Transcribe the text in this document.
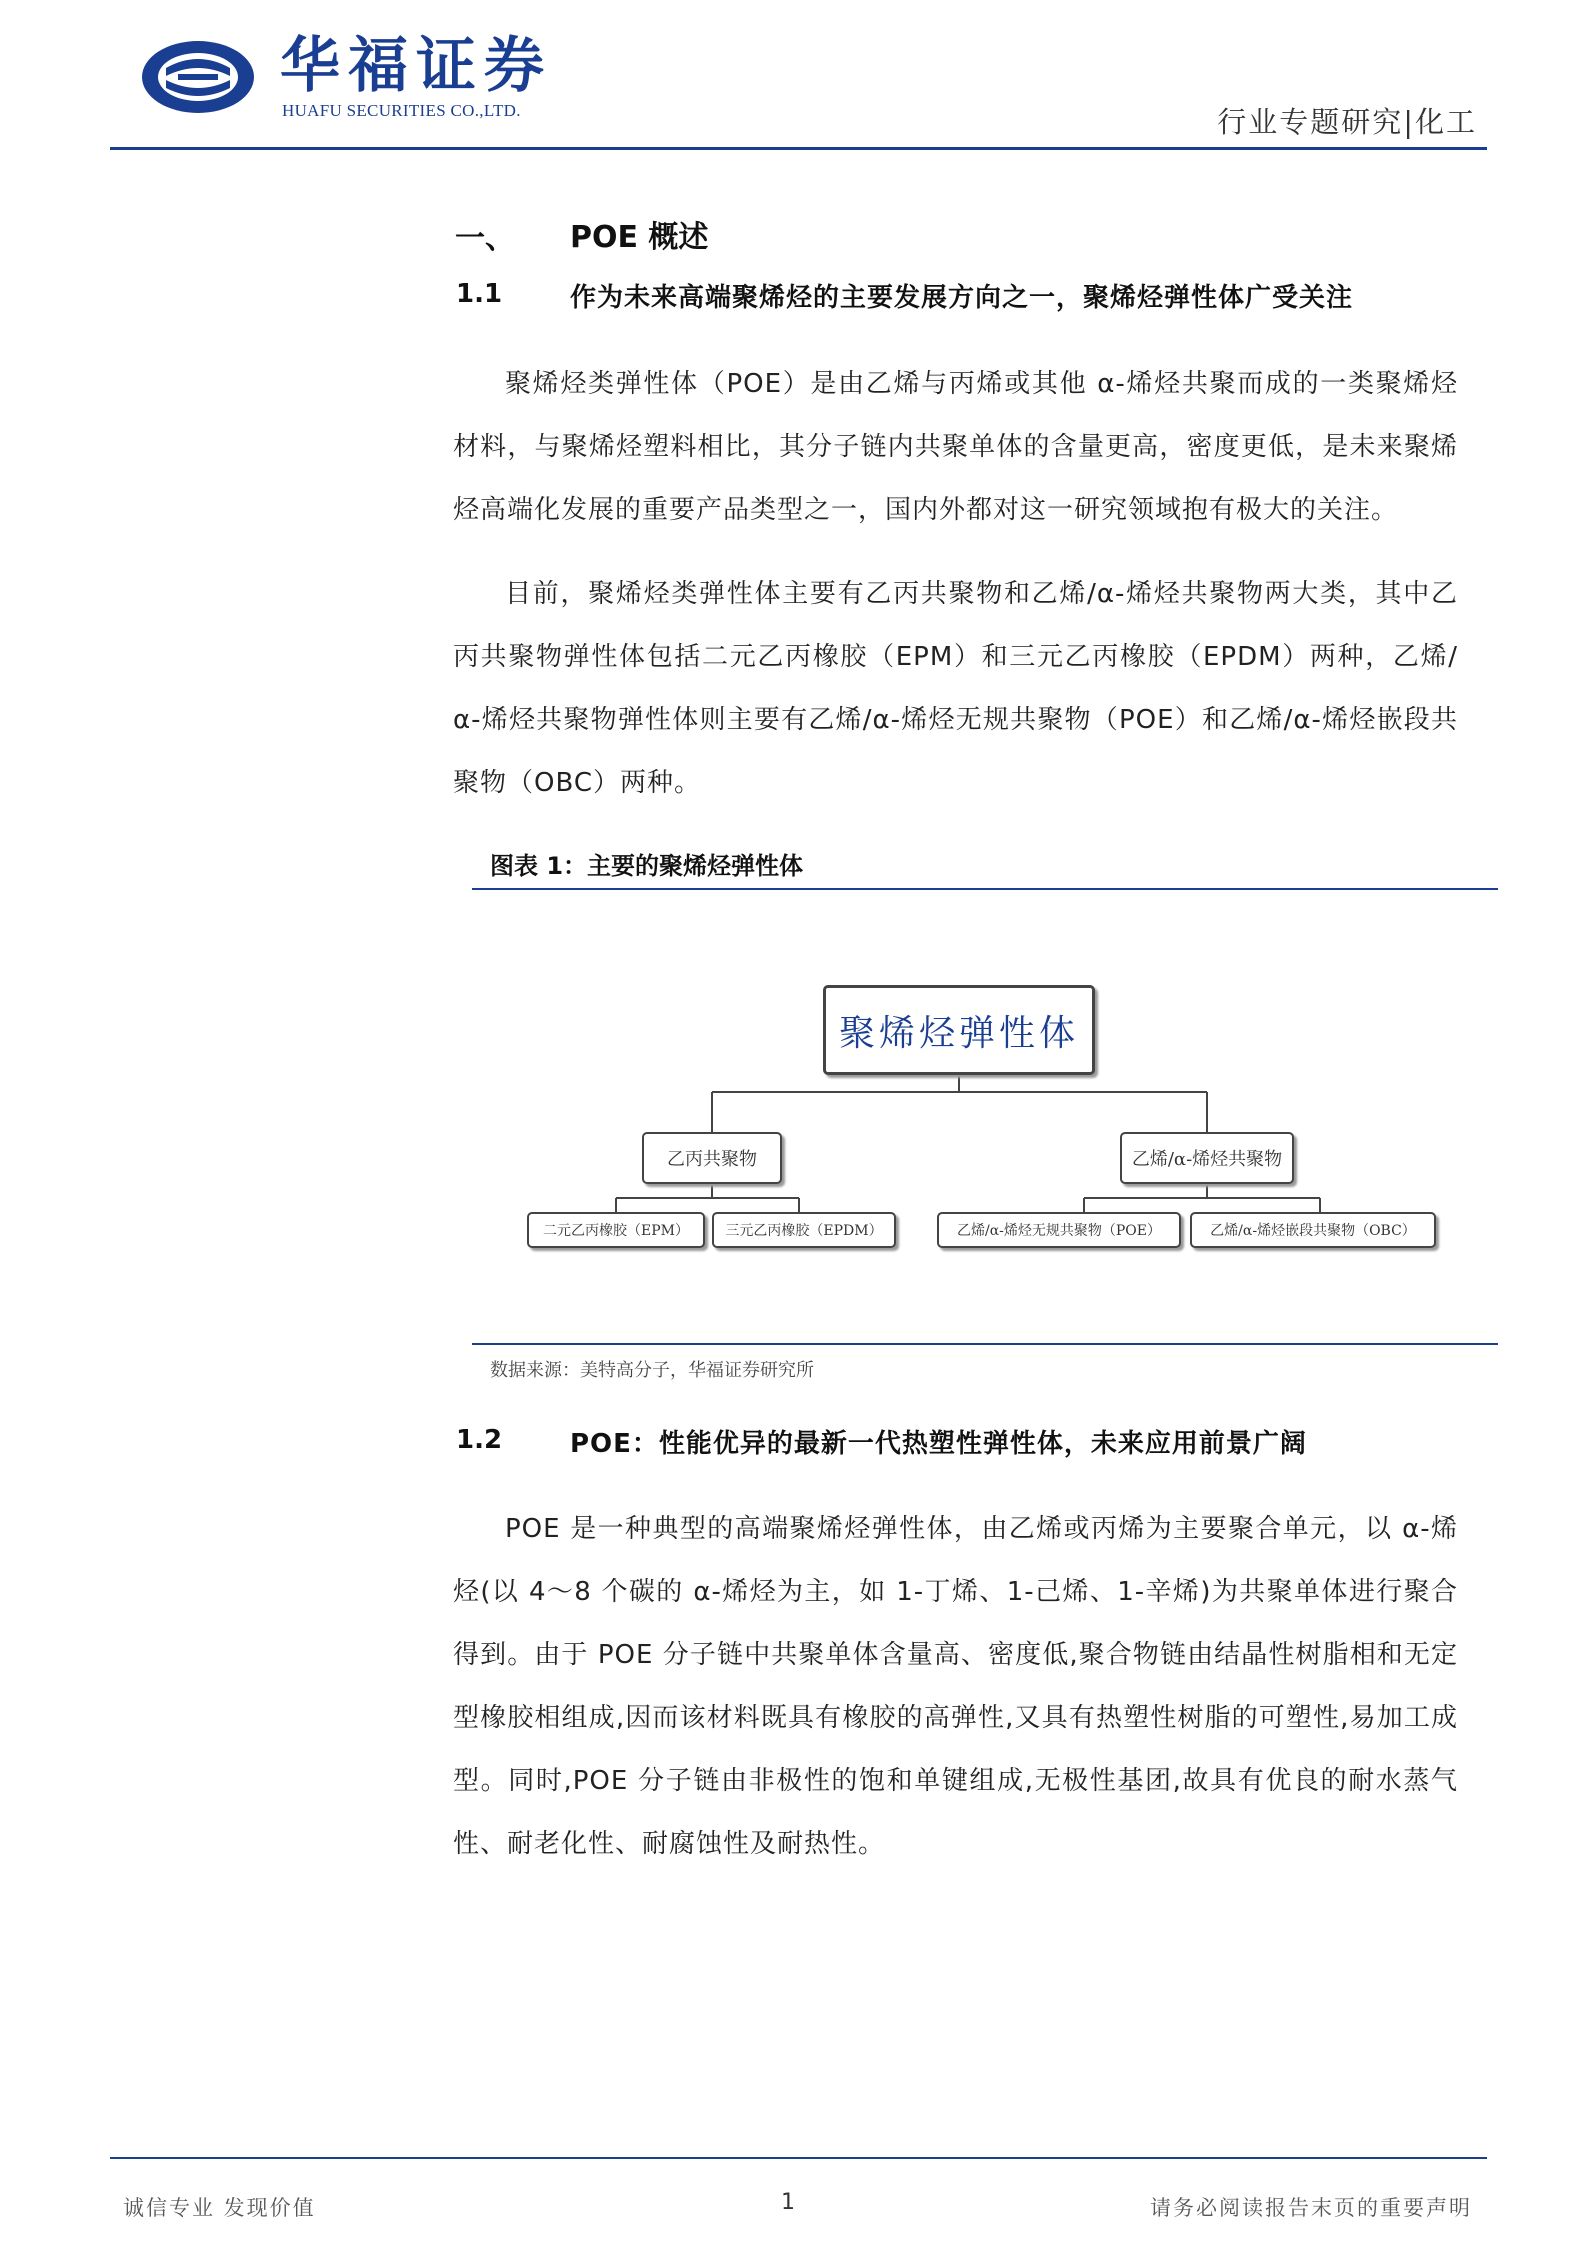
华福证券
HUAFU SECURITIES CO.,LTD.	行业专题研究|化工
一、 POE 概述
1.1	作为未来高端聚烯烃的主要发展方向之一，聚烯烃弹性体广受关注

聚烯烃类弹性体（POE）是由乙烯与丙烯或其他 α-烯烃共聚而成的一类聚烯烃材料，与聚烯烃塑料相比，其分子链内共聚单体的含量更高，密度更低，是未来聚烯烃高端化发展的重要产品类型之一，国内外都对这一研究领域抱有极大的关注。

目前，聚烯烃类弹性体主要有乙丙共聚物和乙烯/α-烯烃共聚物两大类，其中乙丙共聚物弹性体包括二元乙丙橡胶（EPM）和三元乙丙橡胶（EPDM）两种，乙烯/α-烯烃共聚物弹性体则主要有乙烯/α-烯烃无规共聚物（POE）和乙烯/α-烯烃嵌段共聚物（OBC）两种。

图表 1：主要的聚烯烃弹性体
聚烯烃弹性体
乙丙共聚物	乙烯/α-烯烃共聚物
二元乙丙橡胶（EPM）	三元乙丙橡胶（EPDM）	乙烯/α-烯烃无规共聚物（POE）	乙烯/α-烯烃嵌段共聚物（OBC）
数据来源：美特高分子，华福证券研究所
1.2	POE：性能优异的最新一代热塑性弹性体，未来应用前景广阔

POE 是一种典型的高端聚烯烃弹性体，由乙烯或丙烯为主要聚合单元，以 α-烯烃(以 4～8 个碳的 α-烯烃为主，如 1-丁烯、1-己烯、1-辛烯)为共聚单体进行聚合得到。由于 POE 分子链中共聚单体含量高、密度低,聚合物链由结晶性树脂相和无定型橡胶相组成,因而该材料既具有橡胶的高弹性,又具有热塑性树脂的可塑性,易加工成型。同时,POE 分子链由非极性的饱和单键组成,无极性基团,故具有优良的耐水蒸气性、耐老化性、耐腐蚀性及耐热性。

诚信专业 发现价值	1	请务必阅读报告末页的重要声明
